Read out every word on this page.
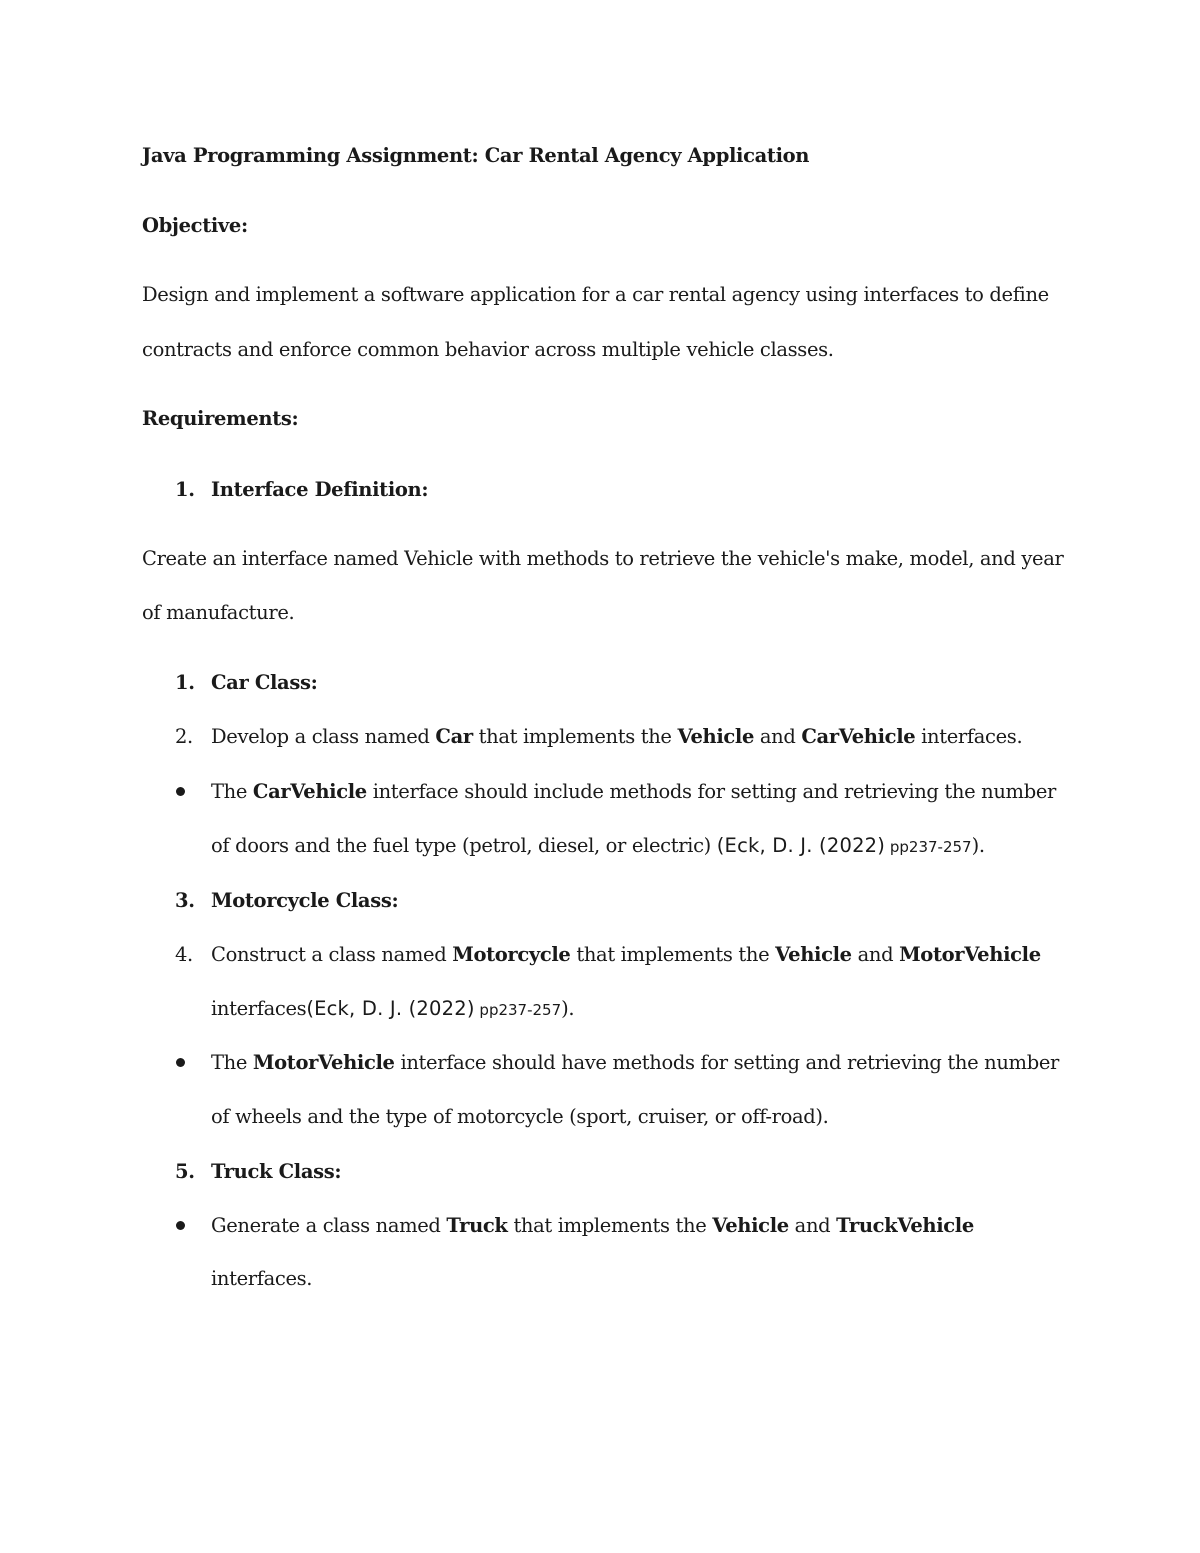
Java Programming Assignment: Car Rental Agency Application
Objective:
Design and implement a software application for a car rental agency using interfaces to define
contracts and enforce common behavior across multiple vehicle classes.
Requirements:
1. Interface Definition:
Create an interface named Vehicle with methods to retrieve the vehicle's make, model, and year
of manufacture.
1. Car Class:
2. Develop a class named Car that implements the Vehicle and CarVehicle interfaces.
The CarVehicle interface should include methods for setting and retrieving the number
of doors and the fuel type (petrol, diesel, or electric) (Eck, D. J. (2022) pp237-257).
3. Motorcycle Class:
4. Construct a class named Motorcycle that implements the Vehicle and MotorVehicle
interfaces(Eck, D. J. (2022) pp237-257).
The MotorVehicle interface should have methods for setting and retrieving the number
of wheels and the type of motorcycle (sport, cruiser, or off-road).
5. Truck Class:
Generate a class named Truck that implements the Vehicle and TruckVehicle
interfaces.
